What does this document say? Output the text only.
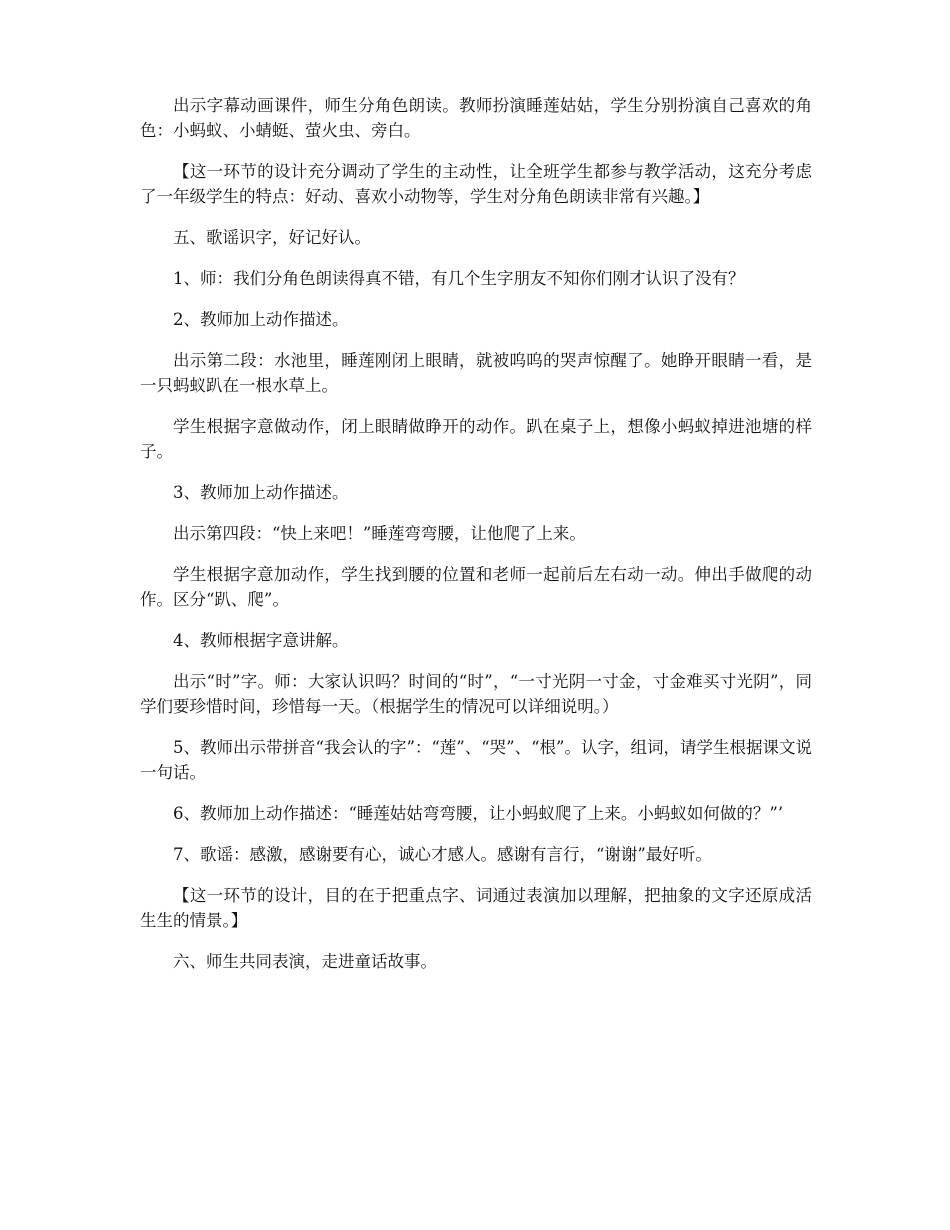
出示字幕动画课件，师生分角色朗读。教师扮演睡莲姑姑，学生分别扮演自己喜欢的角色：小蚂蚁、小蜻蜓、萤火虫、旁白。

【这一环节的设计充分调动了学生的主动性，让全班学生都参与教学活动，这充分考虑了一年级学生的特点：好动、喜欢小动物等，学生对分角色朗读非常有兴趣。】

五、歌谣识字，好记好认。

1、师：我们分角色朗读得真不错，有几个生字朋友不知你们刚才认识了没有？

2、教师加上动作描述。

出示第二段：水池里，睡莲刚闭上眼睛，就被呜呜的哭声惊醒了。她睁开眼睛一看，是一只蚂蚁趴在一根水草上。

学生根据字意做动作，闭上眼睛做睁开的动作。趴在桌子上，想像小蚂蚁掉进池塘的样子。

3、教师加上动作描述。

出示第四段：“快上来吧！”睡莲弯弯腰，让他爬了上来。

学生根据字意加动作，学生找到腰的位置和老师一起前后左右动一动。伸出手做爬的动作。区分“趴、爬”。

4、教师根据字意讲解。

出示“时”字。师：大家认识吗？时间的“时”，“一寸光阴一寸金，寸金难买寸光阴”，同学们要珍惜时间，珍惜每一天。（根据学生的情况可以详细说明。）

5、教师出示带拼音“我会认的字”：“莲”、“哭”、“根”。认字，组词，请学生根据课文说一句话。

6、教师加上动作描述：“睡莲姑姑弯弯腰，让小蚂蚁爬了上来。小蚂蚁如何做的？”’

7、歌谣：感激，感谢要有心，诚心才感人。感谢有言行，“谢谢”最好听。

【这一环节的设计，目的在于把重点字、词通过表演加以理解，把抽象的文字还原成活生生的情景。】

六、师生共同表演，走进童话故事。
